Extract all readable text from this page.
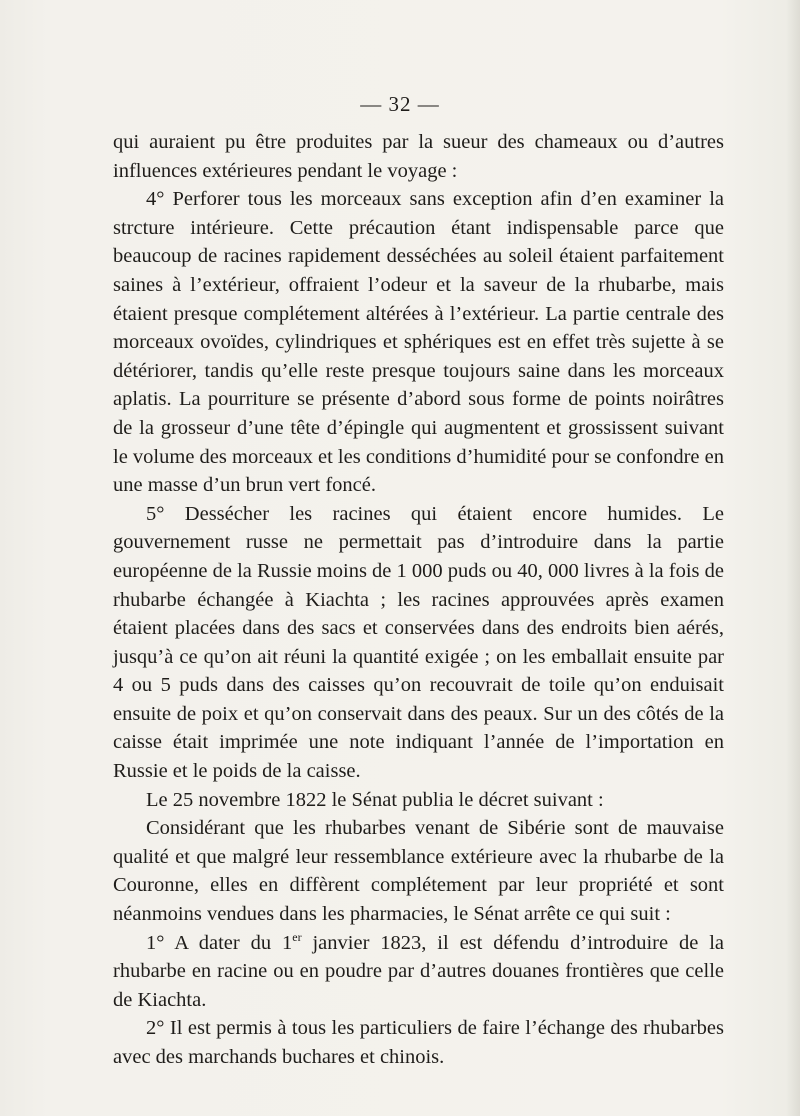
— 32 —

qui auraient pu être produites par la sueur des chameaux ou d’autres influences extérieures pendant le voyage :

4° Perforer tous les morceaux sans exception afin d’en examiner la strcture intérieure. Cette précaution étant indispensable parce que beaucoup de racines rapidement desséchées au soleil étaient parfaitement saines à l’extérieur, offraient l’odeur et la saveur de la rhubarbe, mais étaient presque complétement altérées à l’extérieur. La partie centrale des morceaux ovoïdes, cylindriques et sphériques est en effet très sujette à se détériorer, tandis qu’elle reste presque toujours saine dans les morceaux aplatis. La pourriture se présente d’abord sous forme de points noirâtres de la grosseur d’une tête d’épingle qui augmentent et grossissent suivant le volume des morceaux et les conditions d’humidité pour se confondre en une masse d’un brun vert foncé.

5° Dessécher les racines qui étaient encore humides. Le gouvernement russe ne permettait pas d’introduire dans la partie européenne de la Russie moins de 1 000 puds ou 40, 000 livres à la fois de rhubarbe échangée à Kiachta ; les racines approuvées après examen étaient placées dans des sacs et conservées dans des endroits bien aérés, jusqu’à ce qu’on ait réuni la quantité exigée ; on les emballait ensuite par 4 ou 5 puds dans des caisses qu’on recouvrait de toile qu’on enduisait ensuite de poix et qu’on conservait dans des peaux. Sur un des côtés de la caisse était imprimée une note indiquant l’année de l’importation en Russie et le poids de la caisse.

Le 25 novembre 1822 le Sénat publia le décret suivant :

Considérant que les rhubarbes venant de Sibérie sont de mauvaise qualité et que malgré leur ressemblance extérieure avec la rhubarbe de la Couronne, elles en diffèrent complétement par leur propriété et sont néanmoins vendues dans les pharmacies, le Sénat arrête ce qui suit :

1° A dater du 1er janvier 1823, il est défendu d’introduire de la rhubarbe en racine ou en poudre par d’autres douanes frontières que celle de Kiachta.

2° Il est permis à tous les particuliers de faire l’échange des rhubarbes avec des marchands buchares et chinois.
